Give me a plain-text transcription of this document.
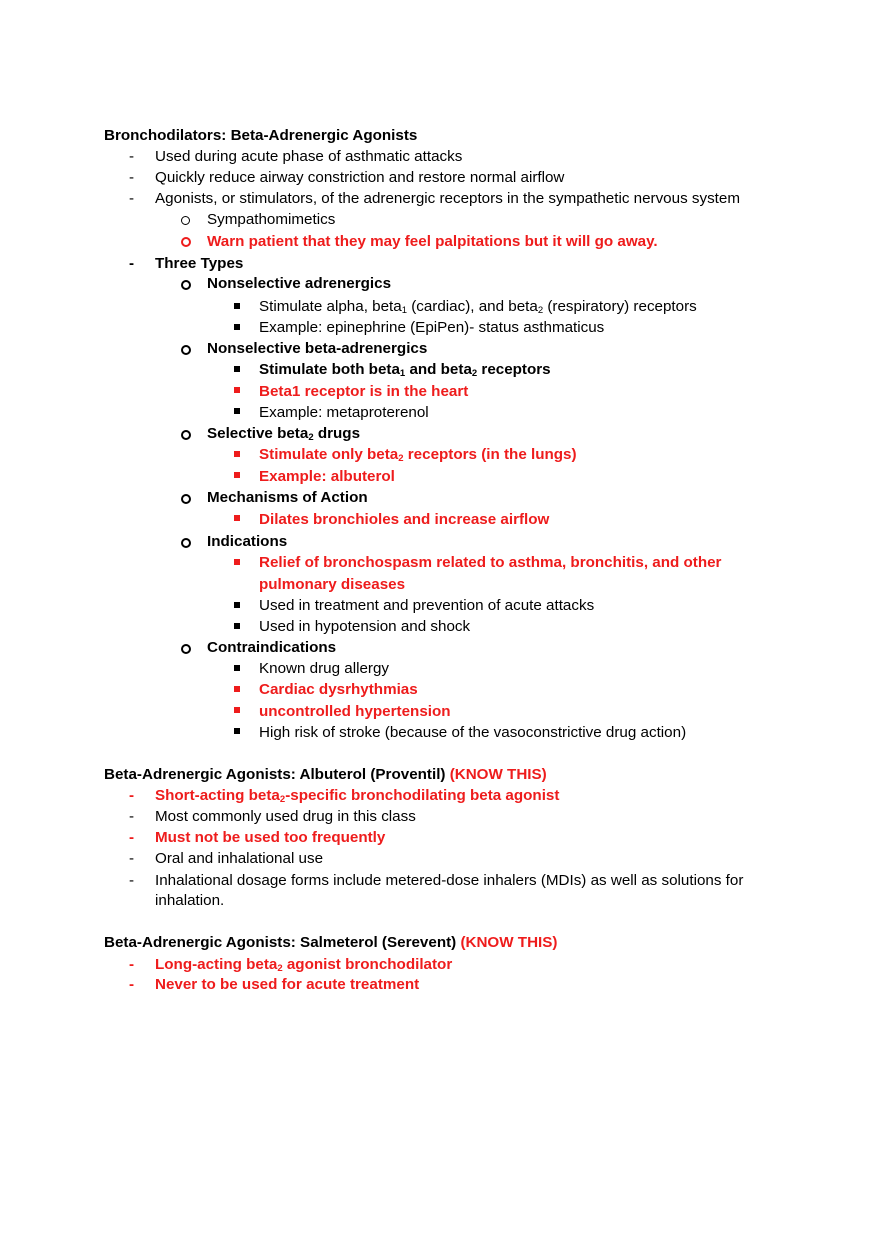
Bronchodilators: Beta-Adrenergic Agonists
- Used during acute phase of asthmatic attacks
- Quickly reduce airway constriction and restore normal airflow
- Agonists, or stimulators, of the adrenergic receptors in the sympathetic nervous system
Sympathomimetics
Warn patient that they may feel palpitations but it will go away.
- Three Types
Nonselective adrenergics
Stimulate alpha, beta$_1$ (cardiac), and beta$_2$ (respiratory) receptors
Example: epinephrine (EpiPen)- status asthmaticus
Nonselective beta-adrenergics
Stimulate both beta$_1$ and beta$_2$ receptors
Beta1 receptor is in the heart
Example: metaproterenol
Selective beta$_2$ drugs
Stimulate only beta$_2$ receptors (in the lungs)
Example: albuterol
Mechanisms of Action
Dilates bronchioles and increase airflow
Indications
Relief of bronchospasm related to asthma, bronchitis, and other
pulmonary diseases
Used in treatment and prevention of acute attacks
Used in hypotension and shock
Contraindications
Known drug allergy
Cardiac dysrhythmias
uncontrolled hypertension
High risk of stroke (because of the vasoconstrictive drug action)
Beta-Adrenergic Agonists: Albuterol (Proventil) (KNOW THIS)
- Short-acting beta$_2$-specific bronchodilating beta agonist
- Most commonly used drug in this class
- Must not be used too frequently
- Oral and inhalational use
- Inhalational dosage forms include metered-dose inhalers (MDIs) as well as solutions for
inhalation.
Beta-Adrenergic Agonists: Salmeterol (Serevent) (KNOW THIS)
- Long-acting beta$_2$ agonist bronchodilator
- Never to be used for acute treatment
